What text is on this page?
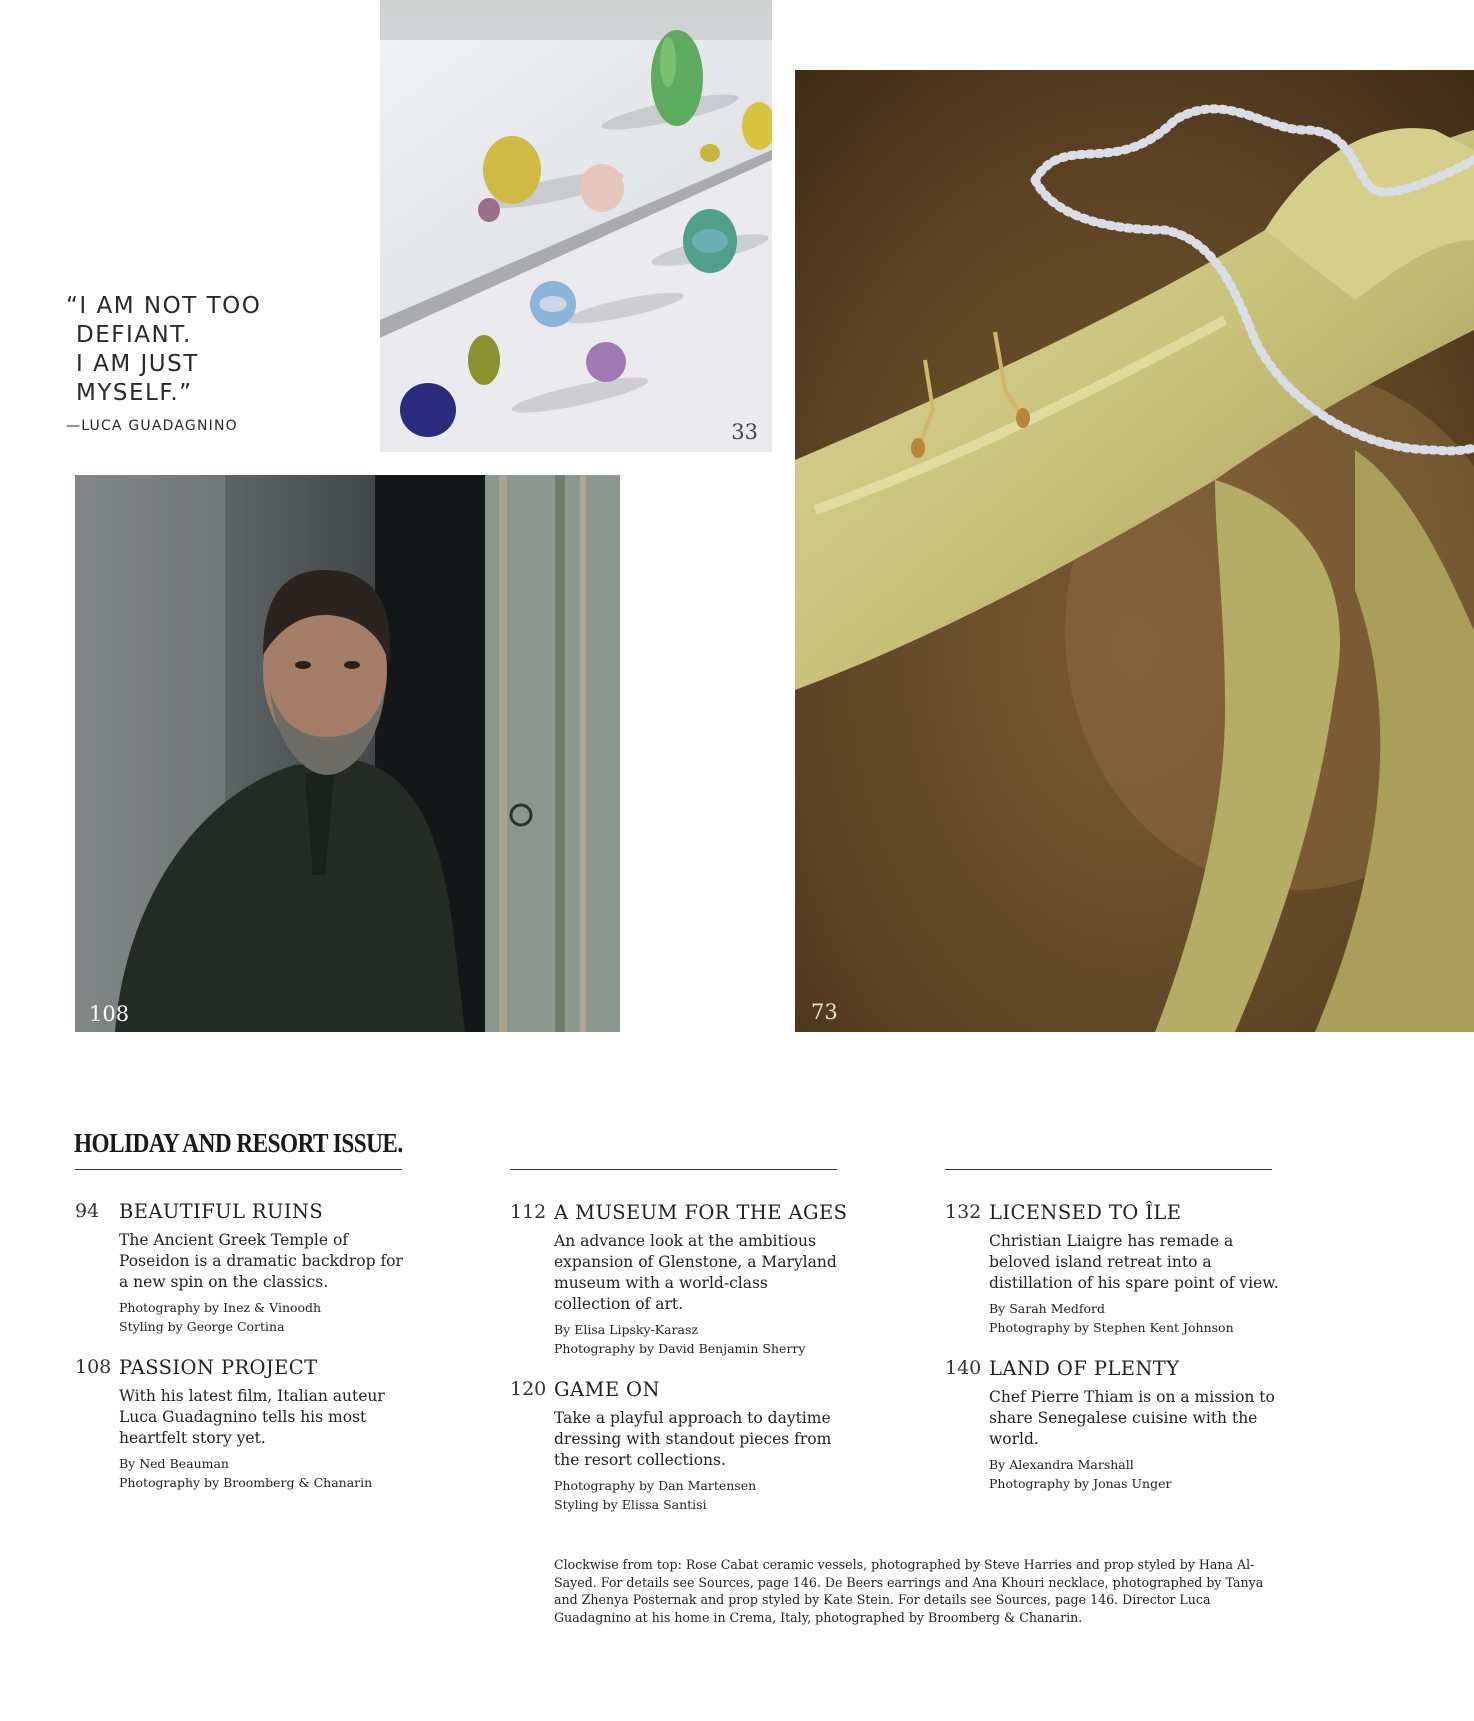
“I AM NOT TOO
DEFIANT.
I AM JUST
MYSELF.”
—LUCA GUADAGNINO	33
73
108
HOLIDAY AND RESORT ISSUE.
94 BEAUTIFUL RUINS
The Ancient Greek Temple of Poseidon is a dramatic backdrop for a new spin on the classics.
Photography by Inez & Vinoodh
Styling by George Cortina
108 PASSION PROJECT
With his latest film, Italian auteur Luca Guadagnino tells his most heartfelt story yet.
By Ned Beauman
Photography by Broomberg & Chanarin
112 A MUSEUM FOR THE AGES
An advance look at the ambitious expansion of Glenstone, a Maryland museum with a world-class collection of art.
By Elisa Lipsky-Karasz
Photography by David Benjamin Sherry
120 GAME ON
Take a playful approach to daytime dressing with standout pieces from the resort collections.
Photography by Dan Martensen
Styling by Elissa Santisi
132 LICENSED TO ÎLE
Christian Liaigre has remade a beloved island retreat into a distillation of his spare point of view.
By Sarah Medford
Photography by Stephen Kent Johnson
140 LAND OF PLENTY
Chef Pierre Thiam is on a mission to share Senegalese cuisine with the world.
By Alexandra Marshall
Photography by Jonas Unger
Clockwise from top: Rose Cabat ceramic vessels, photographed by Steve Harries and prop styled by Hana Al-Sayed. For details see Sources, page 146. De Beers earrings and Ana Khouri necklace, photographed by Tanya and Zhenya Posternak and prop styled by Kate Stein. For details see Sources, page 146. Director Luca Guadagnino at his home in Crema, Italy, photographed by Broomberg & Chanarin.
